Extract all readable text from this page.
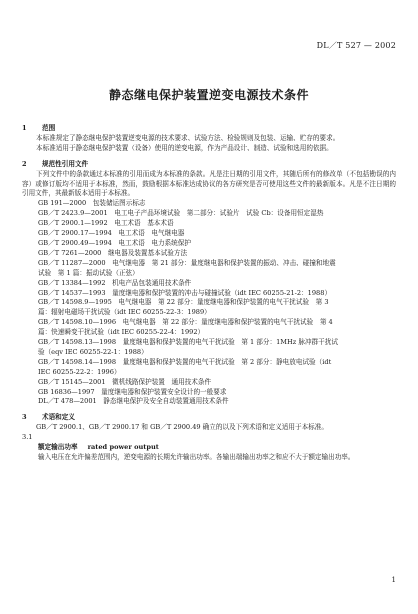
DL／T 527 — 2002
静态继电保护装置逆变电源技术条件
1 范围
本标准规定了静态继电保护装置逆变电源的技术要求、试验方法、检验规则及包装、运输、贮存的要求。
本标准适用于静态继电保护装置（设备）使用的逆变电源，作为产品设计、制造、试验和选用的依据。
2 规范性引用文件
下列文件中的条款通过本标准的引用而成为本标准的条款。凡是注日期的引用文件，其随后所有的修改单（不包括勘误的内容）或修订版均不适用于本标准，然而，鼓励根据本标准达成协议的各方研究是否可使用这些文件的最新版本。凡是不注日期的引用文件，其最新版本适用于本标准。
GB 191—2000　包装储运图示标志
GB／T 2423.9—2001　电工电子产品环境试验　第二部分：试验片　试验 Cb：设备用恒定湿热
GB／T 2900.1—1992　电工术语　基本术语
GB／T 2900.17—1994　电工术语　电气继电器
GB／T 2900.49—1994　电工术语　电力系统保护
GB／T 7261—2000　继电器及装置基本试验方法
GB／T 11287—2000　电气继电器　第 21 部分：量度继电器和保护装置的振动、冲击、碰撞和地震
试验　第 1 篇：振动试验（正弦）
GB／T 13384—1992　机电产品包装通用技术条件
GB／T 14537—1993　量度继电器和保护装置的冲击与碰撞试验（idt IEC 60255-21-2：1988）
GB／T 14598.9—1995　电气继电器　第 22 部分：量度继电器和保护装置的电气干扰试验　第 3
篇：辐射电磁场干扰试验（idt IEC 60255-22-3：1989）
GB／T 14598.10—1996　电气继电器　第 22 部分：量度继电器和保护装置的电气干扰试验　第 4
篇：快速瞬变干扰试验（idt IEC 60255-22-4：1992）
GB／T 14598.13—1998　量度继电器和保护装置的电气干扰试验　第 1 部分：1MHz 脉冲群干扰试
验（eqv IEC 60255-22-1：1988）
GB／T 14598.14—1998　量度继电器和保护装置的电气干扰试验　第 2 部分：静电放电试验（idt
IEC 60255-22-2：1996）
GB／T 15145—2001　微机线路保护装置　通用技术条件
GB 16836—1997　量度继电器和保护装置安全设计的一般要求
DL／T 478—2001　静态继电保护及安全自动装置通用技术条件
3 术语和定义
GB／T 2900.1、GB／T 2900.17 和 GB／T 2900.49 确立的以及下列术语和定义适用于本标准。
3.1
额定输出功率 rated power output
输入电压在允许偏差范围内，逆变电源的长期允许输出功率。各输出端输出功率之和应不大于额定输出功率。
1
